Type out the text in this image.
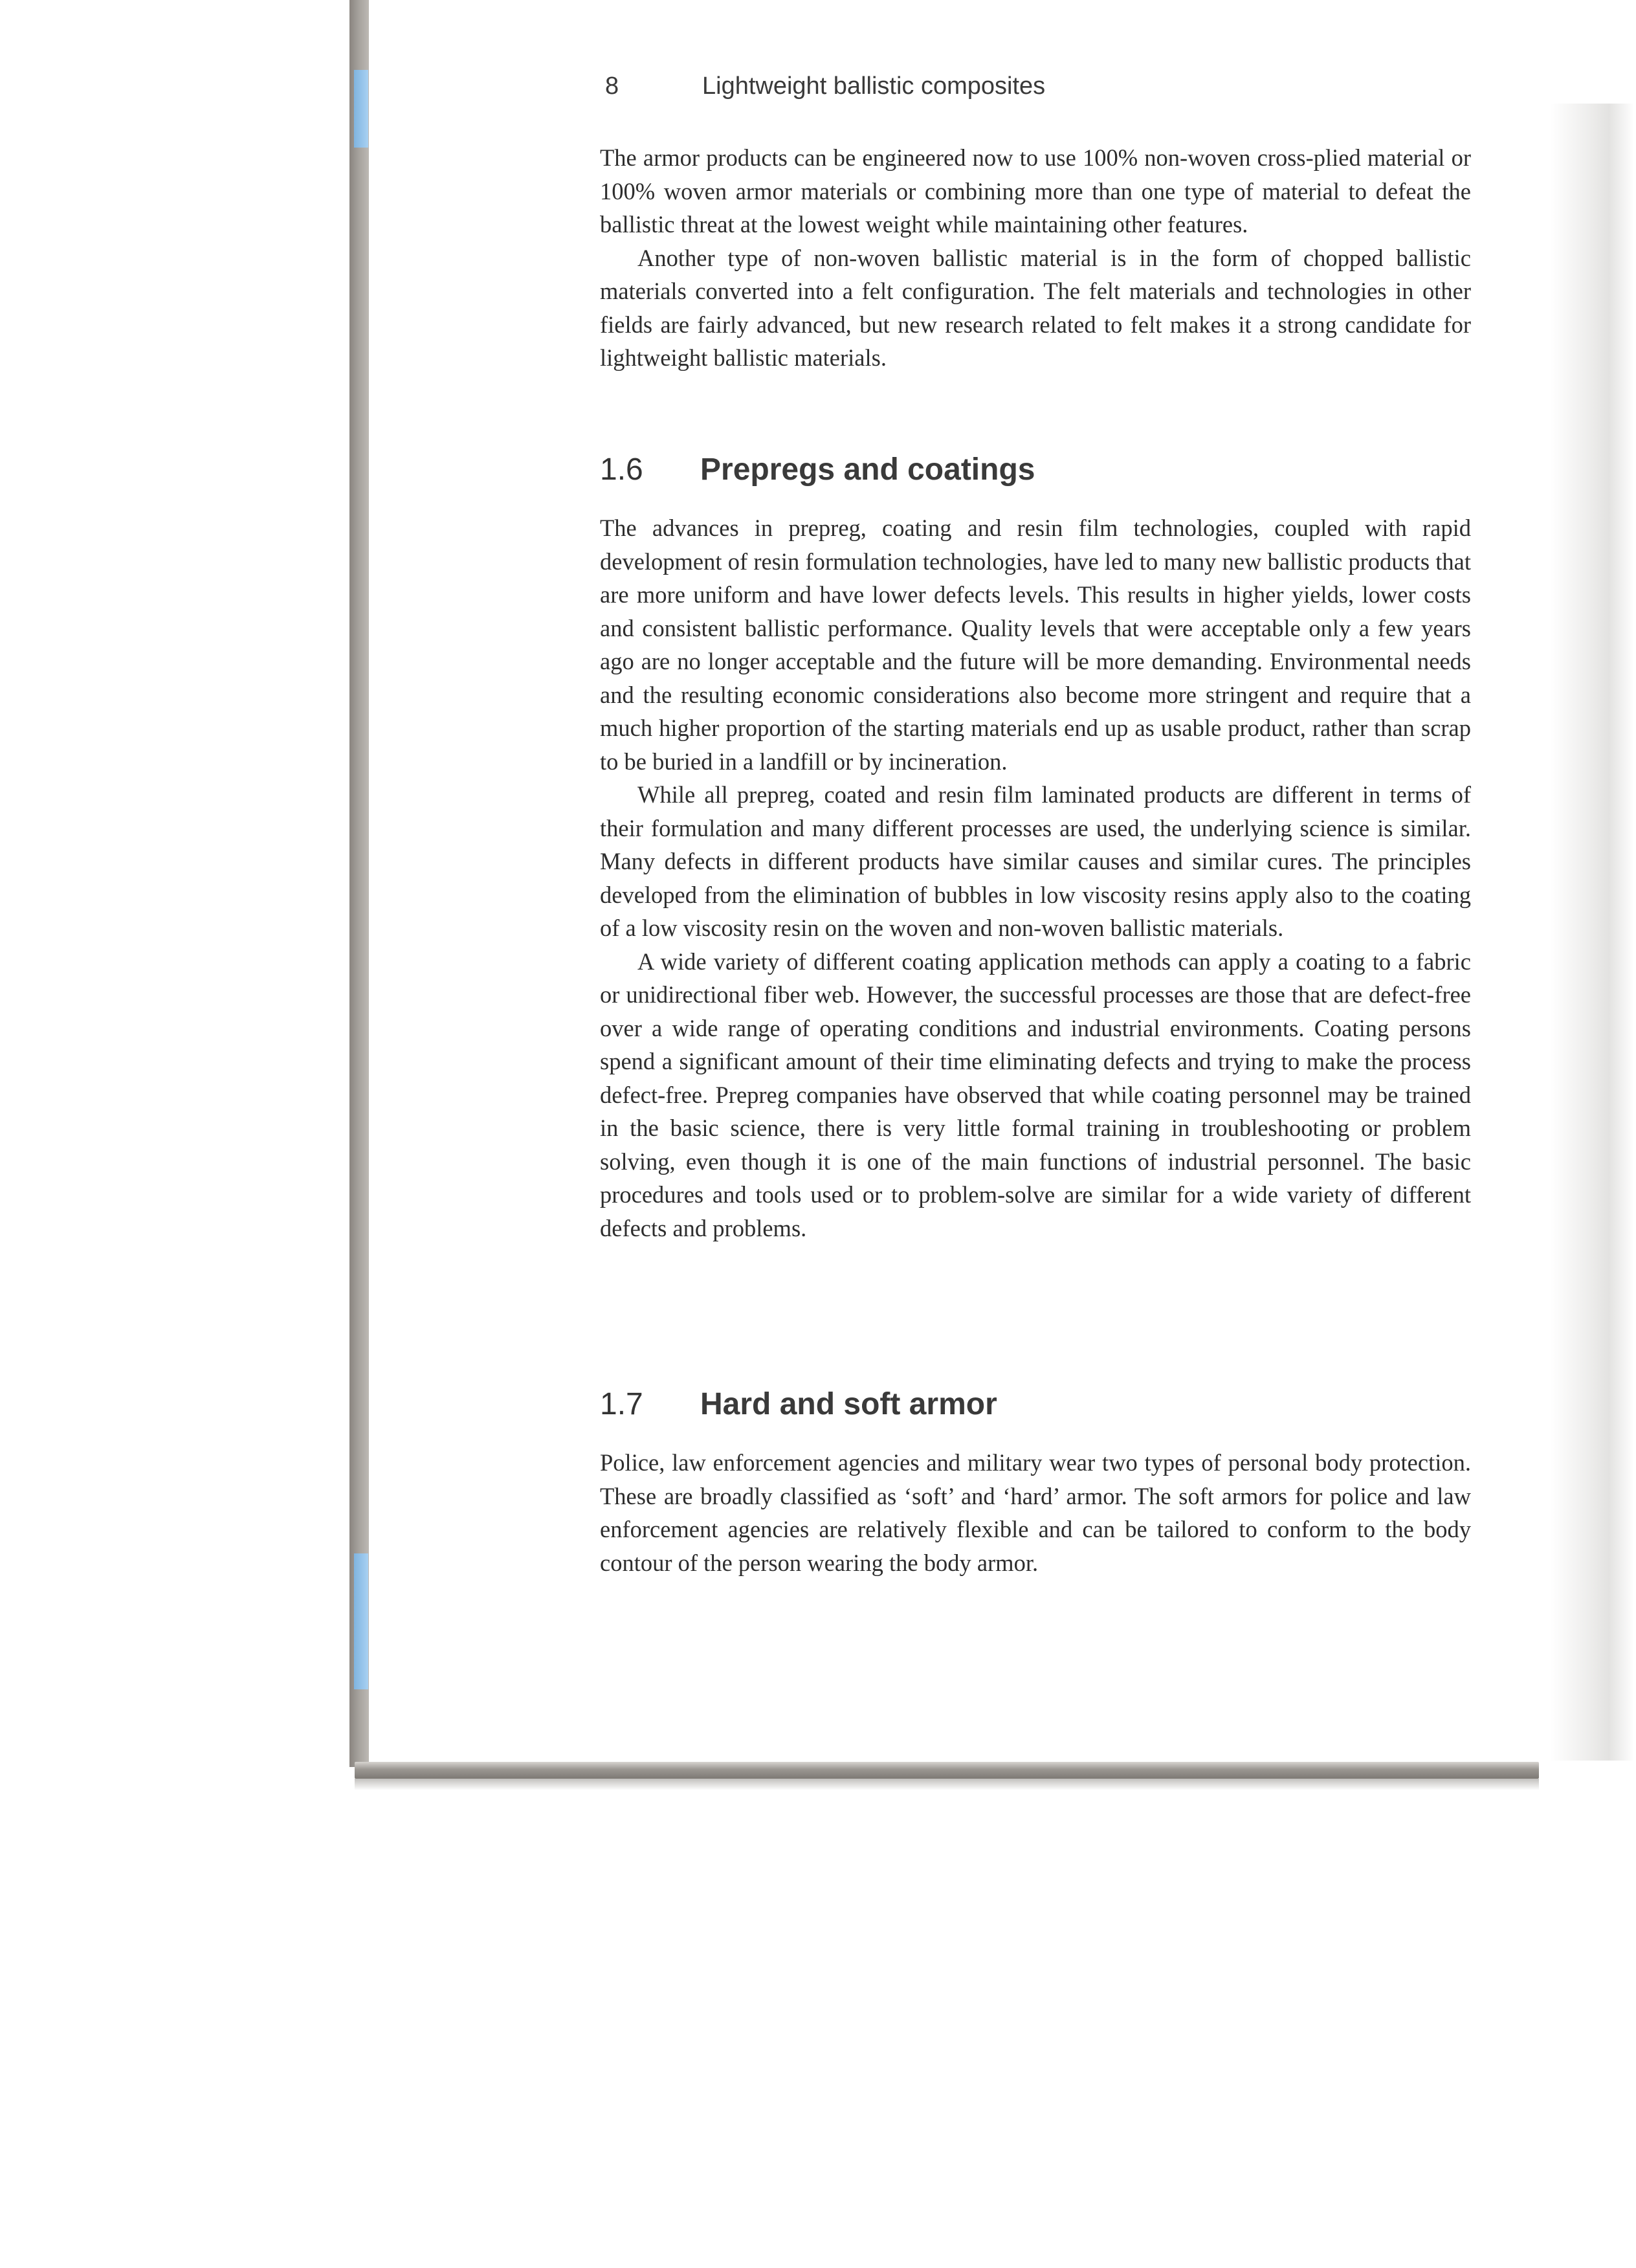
8	Lightweight ballistic composites

The armor products can be engineered now to use 100% non-woven cross-plied material or 100% woven armor materials or combining more than one type of material to defeat the ballistic threat at the lowest weight while maintaining other features.

Another type of non-woven ballistic material is in the form of chopped ballistic materials converted into a felt configuration. The felt materials and technologies in other fields are fairly advanced, but new research related to felt makes it a strong candidate for lightweight ballistic materials.

1.6 Prepregs and coatings

The advances in prepreg, coating and resin film technologies, coupled with rapid development of resin formulation technologies, have led to many new ballistic products that are more uniform and have lower defects levels. This results in higher yields, lower costs and consistent ballistic performance. Quality levels that were acceptable only a few years ago are no longer acceptable and the future will be more demanding. Environmental needs and the resulting economic considerations also become more stringent and require that a much higher proportion of the starting materials end up as usable product, rather than scrap to be buried in a landfill or by incineration.

While all prepreg, coated and resin film laminated products are different in terms of their formulation and many different processes are used, the underlying science is similar. Many defects in different products have similar causes and similar cures. The principles developed from the elimination of bubbles in low viscosity resins apply also to the coating of a low viscosity resin on the woven and non-woven ballistic materials.

A wide variety of different coating application methods can apply a coating to a fabric or unidirectional fiber web. However, the successful processes are those that are defect-free over a wide range of operating conditions and industrial environments. Coating persons spend a significant amount of their time eliminating defects and trying to make the process defect-free. Prepreg companies have observed that while coating personnel may be trained in the basic science, there is very little formal training in troubleshooting or problem solving, even though it is one of the main functions of industrial personnel. The basic procedures and tools used or to problem-solve are similar for a wide variety of different defects and problems.

1.7 Hard and soft armor

Police, law enforcement agencies and military wear two types of personal body protection. These are broadly classified as ‘soft’ and ‘hard’ armor. The soft armors for police and law enforcement agencies are relatively flexible and can be tailored to conform to the body contour of the person wearing the body armor.
